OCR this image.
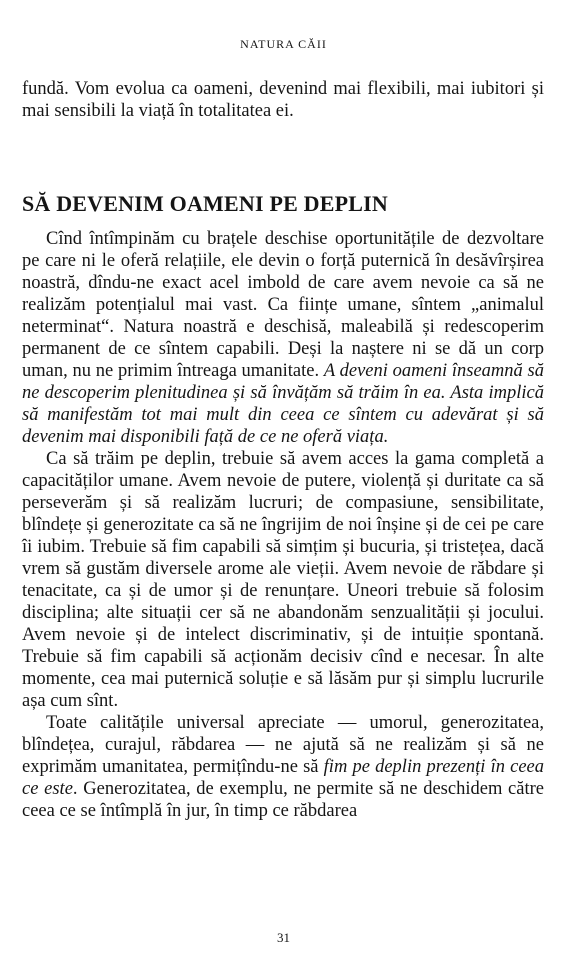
NATURA CĂII

fundă. Vom evolua ca oameni, devenind mai flexibili, mai iubitori și mai sensibili la viață în totalitatea ei.

SĂ DEVENIM OAMENI PE DEPLIN

Cînd întîmpinăm cu brațele deschise oportunitățile de dezvoltare pe care ni le oferă relațiile, ele devin o forță puternică în desăvîrșirea noastră, dîndu-ne exact acel imbold de care avem nevoie ca să ne realizăm potențialul mai vast. Ca ființe umane, sîntem „animalul neterminat“. Natura noastră e deschisă, maleabilă și redescoperim permanent de ce sîntem capabili. Deși la naștere ni se dă un corp uman, nu ne primim întreaga umanitate. A deveni oameni înseamnă să ne descoperim plenitudinea și să învățăm să trăim în ea. Asta implică să manifestăm tot mai mult din ceea ce sîntem cu adevărat și să devenim mai disponibili față de ce ne oferă viața.

Ca să trăim pe deplin, trebuie să avem acces la gama completă a capacităților umane. Avem nevoie de putere, violență și duritate ca să perseverăm și să realizăm lucruri; de compasiune, sensibilitate, blîndețe și generozitate ca să ne îngrijim de noi înșine și de cei pe care îi iubim. Trebuie să fim capabili să simțim și bucuria, și tristețea, dacă vrem să gustăm diversele arome ale vieții. Avem nevoie de răbdare și tenacitate, ca și de umor și de renunțare. Uneori trebuie să folosim disciplina; alte situații cer să ne abandonăm senzualității și jocului. Avem nevoie și de intelect discriminativ, și de intuiție spontană. Trebuie să fim capabili să acționăm decisiv cînd e necesar. În alte momente, cea mai puternică soluție e să lăsăm pur și simplu lucrurile așa cum sînt.

Toate calitățile universal apreciate — umorul, generozitatea, blîndețea, curajul, răbdarea — ne ajută să ne realizăm și să ne exprimăm umanitatea, permițîndu-ne să fim pe deplin prezenți în ceea ce este. Generozitatea, de exemplu, ne permite să ne deschidem către ceea ce se întîmplă în jur, în timp ce răbdarea

31
